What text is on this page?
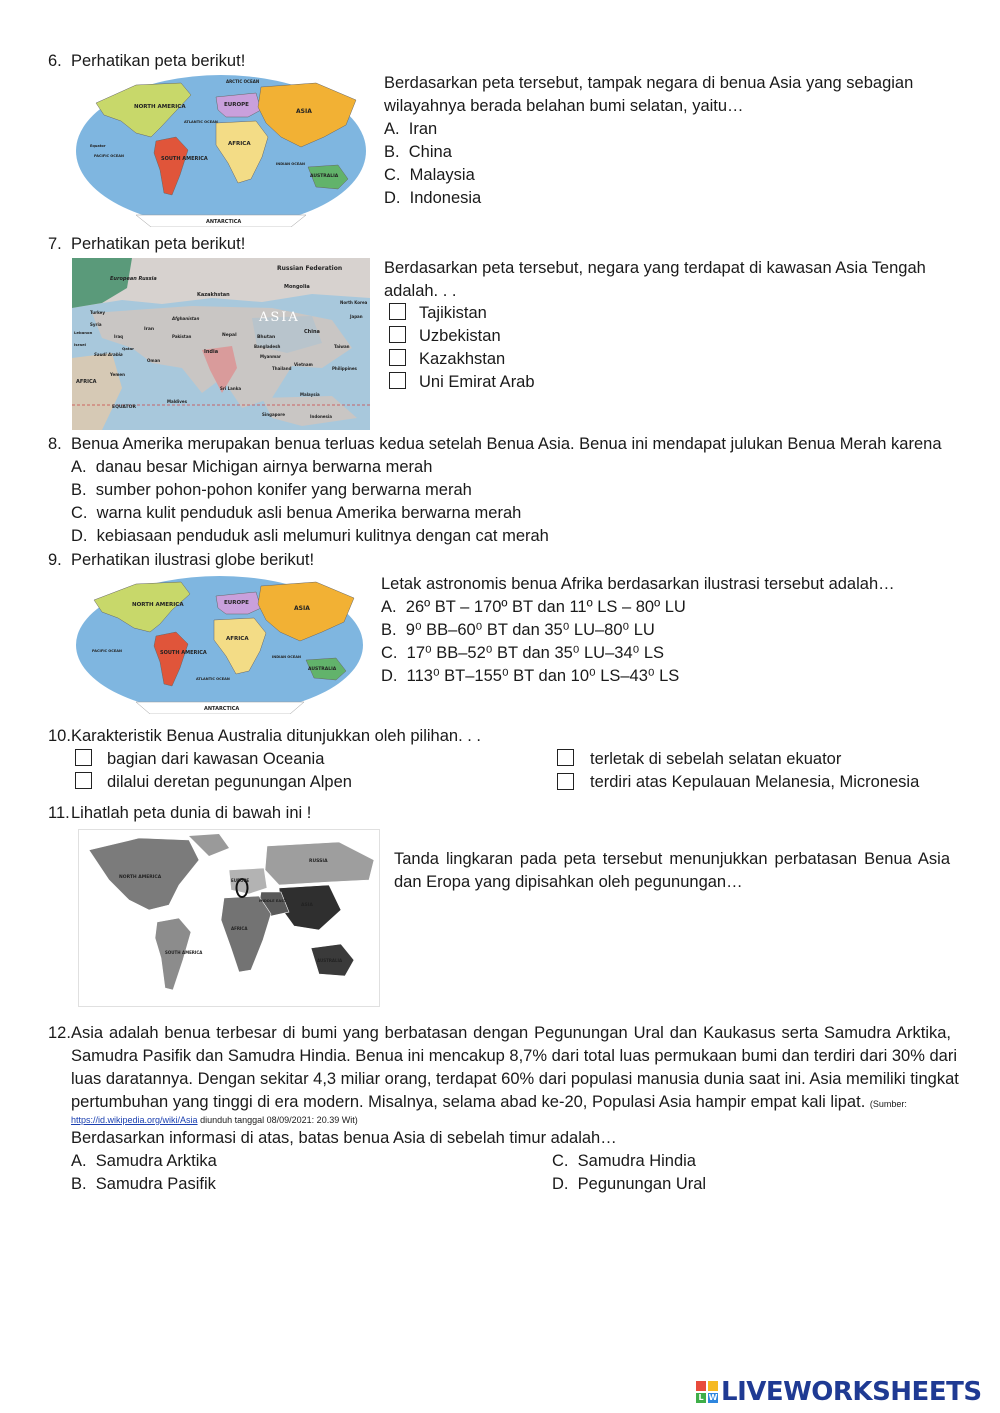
6. Perhatikan peta berikut!
NORTH AMERICA	EUROPE
ASIA
AFRICA
SOUTH AMERICA
AUSTRALIA
ANTARCTICA
ARCTIC OCEAN
ATLANTIC OCEAN
PACIFIC OCEAN
INDIAN OCEAN
Equator
Berdasarkan peta tersebut, tampak negara di benua Asia yang sebagian
wilayahnya berada belahan bumi selatan, yaitu…
A. Iran
B. China
C. Malaysia
D. Indonesia
7. Perhatikan peta berikut!
Russian Federation
European Russia
Kazakhstan
Mongolia
ASIA
China
India
Nepal	Bhutan
Iran
Afghanistan
Pakistan
Bangladesh
Myanmar
Thailand
Vietnam
Philippines
Malaysia
Indonesia
Singapore
AFRICA
EQUATOR
Japan
North Korea
Taiwan
Yemen
Oman
Sri Lanka
Maldives
Turkey
Syria
Lebanon
Israel
Iraq
Saudi Arabia
Qatar
Berdasarkan peta tersebut, negara yang terdapat di kawasan Asia Tengah
adalah. . .
Tajikistan
Uzbekistan
Kazakhstan
Uni Emirat Arab
8. Benua Amerika merupakan benua terluas kedua setelah Benua Asia. Benua ini mendapat julukan Benua Merah karena
A. danau besar Michigan airnya berwarna merah
B. sumber pohon-pohon konifer yang berwarna merah
C. warna kulit penduduk asli benua Amerika berwarna merah
D. kebiasaan penduduk asli melumuri kulitnya dengan cat merah
9. Perhatikan ilustrasi globe berikut!
NORTH AMERICA	EUROPE
ASIA
AFRICA
SOUTH AMERICA
AUSTRALIA
ANTARCTICA
ATLANTIC OCEAN
PACIFIC OCEAN
INDIAN OCEAN
Letak astronomis benua Afrika berdasarkan ilustrasi tersebut adalah…
A. 26º BT – 170º BT dan 11º LS – 80º LU
B. 9⁰ BB–60⁰ BT dan 35⁰ LU–80⁰ LU
C. 17⁰ BB–52⁰ BT dan 35⁰ LU–34⁰ LS
D. 113⁰ BT–155⁰ BT dan 10⁰ LS–43⁰ LS
10. Karakteristik Benua Australia ditunjukkan oleh pilihan. . .
bagian dari kawasan Oceania	terletak di sebelah selatan ekuator
dilalui deretan pegunungan Alpen	terdiri atas Kepulauan Melanesia, Micronesia
11. Lihatlah peta dunia di bawah ini !
NORTH AMERICA
EUROPE
RUSSIA
ASIA
MIDDLE EAST
AFRICA
SOUTH AMERICA
AUSTRALIA
Tanda lingkaran pada peta tersebut menunjukkan perbatasan Benua Asia
dan Eropa yang dipisahkan oleh pegunungan…
12. Asia adalah benua terbesar di bumi yang berbatasan dengan Pegunungan Ural dan Kaukasus serta Samudra Arktika,
Samudra Pasifik dan Samudra Hindia. Benua ini mencakup 8,7% dari total luas permukaan bumi dan terdiri dari 30% dari
luas daratannya. Dengan sekitar 4,3 miliar orang, terdapat 60% dari populasi manusia dunia saat ini. Asia memiliki tingkat
pertumbuhan yang tinggi di era modern. Misalnya, selama abad ke-20, Populasi Asia hampir empat kali lipat. (Sumber:
https://id.wikipedia.org/wiki/Asia diunduh tanggal 08/09/2021: 20.39 Wit)
Berdasarkan informasi di atas, batas benua Asia di sebelah timur adalah…
A. Samudra Arktika
B. Samudra Pasifik
C. Samudra Hindia
D. Pegunungan Ural
L W LIVEWORKSHEETS
